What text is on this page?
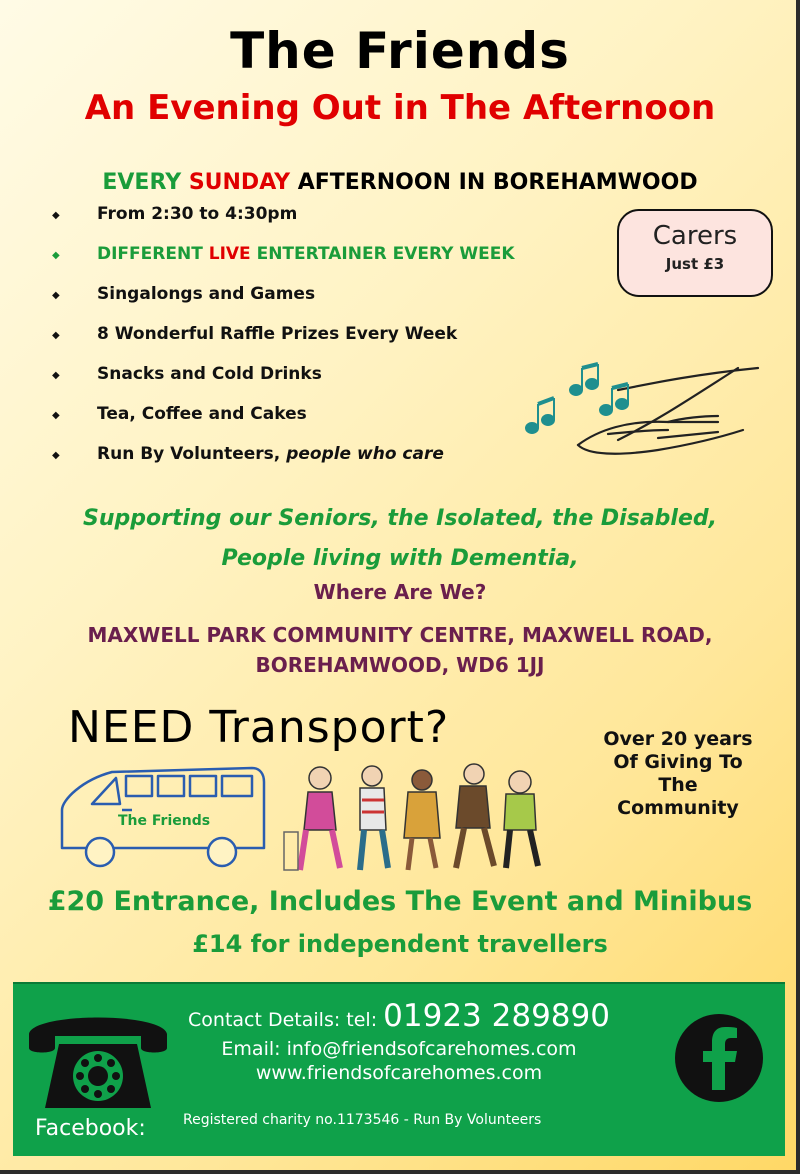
The Friends
An Evening Out in The Afternoon
EVERY SUNDAY AFTERNOON IN BOREHAMWOOD
◆ From 2:30 to 4:30pm
◆ DIFFERENT LIVE ENTERTAINER EVERY WEEK
◆ Singalongs and Games
◆ 8 Wonderful Raffle Prizes Every Week
◆ Snacks and Cold Drinks
◆ Tea, Coffee and Cakes
◆ Run By Volunteers, people who care
Carers
Just £3
Supporting our Seniors, the Isolated, the Disabled,
People living with Dementia,
Where Are We?
MAXWELL PARK COMMUNITY CENTRE, MAXWELL ROAD,
BOREHAMWOOD, WD6 1JJ
NEED Transport?	Over 20 years
Of Giving To
The
Community
The Friends
£20 Entrance, Includes The Event and Minibus
£14 for independent travellers
Facebook:
Contact Details: tel: 01923 289890
Email: info@friendsofcarehomes.com
www.friendsofcarehomes.com
Registered charity no.1173546 - Run By Volunteers
